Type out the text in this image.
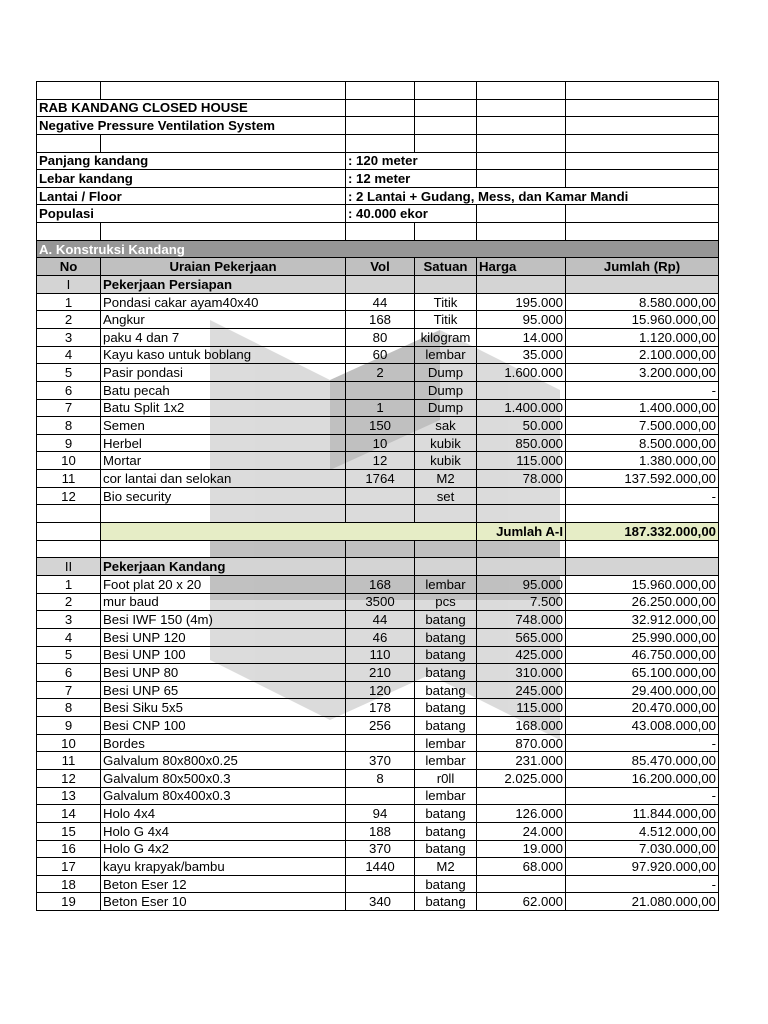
RAB KANDANG CLOSED HOUSE					
Negative Pressure Ventilation System					

Panjang kandang		: 120 meter			
Lebar kandang		: 12 meter			
Lantai / Floor		: 2 Lantai + Gudang, Mess, dan Kamar Mandi			
Populasi		: 40.000 ekor			

A. Konstruksi Kandang					
No	Uraian Pekerjaan	Vol	Satuan	Harga	Jumlah (Rp)
I	Pekerjaan Persiapan				
1	Pondasi cakar ayam40x40	44	Titik	195.000	8.580.000,00
2	Angkur	168	Titik	95.000	15.960.000,00
3	paku 4 dan 7	80	kilogram	14.000	1.120.000,00
4	Kayu kaso untuk boblang	60	lembar	35.000	2.100.000,00
5	Pasir pondasi	2	Dump	1.600.000	3.200.000,00
6	Batu pecah		Dump		-
7	Batu Split 1x2	1	Dump	1.400.000	1.400.000,00
8	Semen	150	sak	50.000	7.500.000,00
9	Herbel	10	kubik	850.000	8.500.000,00
10	Mortar	12	kubik	115.000	1.380.000,00
11	cor lantai dan selokan	1764	M2	78.000	137.592.000,00
12	Bio security		set		-

				Jumlah A-I	187.332.000,00

II	Pekerjaan Kandang				
1	Foot plat 20 x 20	168	lembar	95.000	15.960.000,00
2	mur baud	3500	pcs	7.500	26.250.000,00
3	Besi IWF 150 (4m)	44	batang	748.000	32.912.000,00
4	Besi UNP 120	46	batang	565.000	25.990.000,00
5	Besi UNP 100	110	batang	425.000	46.750.000,00
6	Besi UNP 80	210	batang	310.000	65.100.000,00
7	Besi UNP 65	120	batang	245.000	29.400.000,00
8	Besi Siku 5x5	178	batang	115.000	20.470.000,00
9	Besi CNP 100	256	batang	168.000	43.008.000,00
10	Bordes		lembar	870.000	-
11	Galvalum 80x800x0.25	370	lembar	231.000	85.470.000,00
12	Galvalum 80x500x0.3	8	r0ll	2.025.000	16.200.000,00
13	Galvalum 80x400x0.3		lembar		-
14	Holo 4x4	94	batang	126.000	11.844.000,00
15	Holo G 4x4	188	batang	24.000	4.512.000,00
16	Holo G 4x2	370	batang	19.000	7.030.000,00
17	kayu krapyak/bambu	1440	M2	68.000	97.920.000,00
18	Beton Eser 12		batang		-
19	Beton Eser 10	340	batang	62.000	21.080.000,00
